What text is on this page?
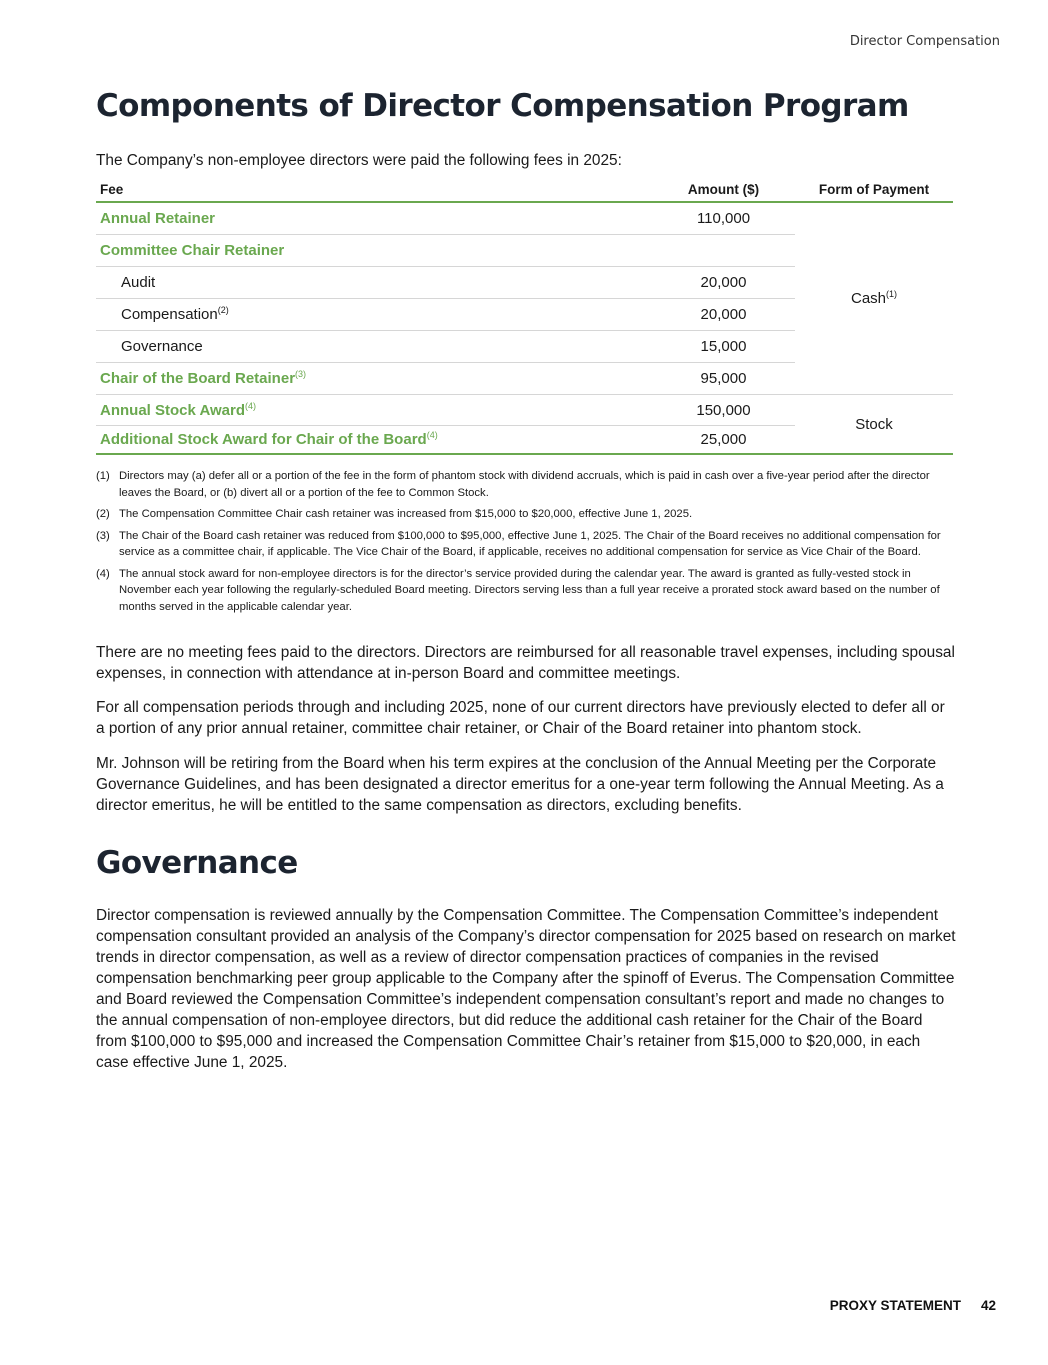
Director Compensation
Components of Director Compensation Program
The Company’s non-employee directors were paid the following fees in 2025:
Fee	Amount ($)	Form of Payment
Annual Retainer	110,000	Cash$^{(1)}$
Committee Chair Retainer		
Audit	20,000	
Compensation$^{(2)}$	20,000	
Governance	15,000	
Chair of the Board Retainer$^{(3)}$	95,000	
Annual Stock Award$^{(4)}$	150,000	Stock
Additional Stock Award for Chair of the Board$^{(4)}$	25,000	
(1) Directors may (a) defer all or a portion of the fee in the form of phantom stock with dividend accruals, which is paid in cash over a five-year period after the director leaves the Board, or (b) divert all or a portion of the fee to Common Stock.
(2) The Compensation Committee Chair cash retainer was increased from $15,000 to $20,000, effective June 1, 2025.
(3) The Chair of the Board cash retainer was reduced from $100,000 to $95,000, effective June 1, 2025. The Chair of the Board receives no additional compensation for service as a committee chair, if applicable. The Vice Chair of the Board, if applicable, receives no additional compensation for service as Vice Chair of the Board.
(4) The annual stock award for non-employee directors is for the director’s service provided during the calendar year. The award is granted as fully-vested stock in November each year following the regularly-scheduled Board meeting. Directors serving less than a full year receive a prorated stock award based on the number of months served in the applicable calendar year.
There are no meeting fees paid to the directors. Directors are reimbursed for all reasonable travel expenses, including spousal expenses, in connection with attendance at in-person Board and committee meetings.
For all compensation periods through and including 2025, none of our current directors have previously elected to defer all or a portion of any prior annual retainer, committee chair retainer, or Chair of the Board retainer into phantom stock.
Mr. Johnson will be retiring from the Board when his term expires at the conclusion of the Annual Meeting per the Corporate Governance Guidelines, and has been designated a director emeritus for a one-year term following the Annual Meeting. As a director emeritus, he will be entitled to the same compensation as directors, excluding benefits.
Governance
Director compensation is reviewed annually by the Compensation Committee. The Compensation Committee’s independent compensation consultant provided an analysis of the Company’s director compensation for 2025 based on research on market trends in director compensation, as well as a review of director compensation practices of companies in the revised compensation benchmarking peer group applicable to the Company after the spinoff of Everus. The Compensation Committee and Board reviewed the Compensation Committee’s independent compensation consultant’s report and made no changes to the annual compensation of non-employee directors, but did reduce the additional cash retainer for the Chair of the Board from $100,000 to $95,000 and increased the Compensation Committee Chair’s retainer from $15,000 to $20,000, in each case effective June 1, 2025.
PROXY STATEMENT 42
